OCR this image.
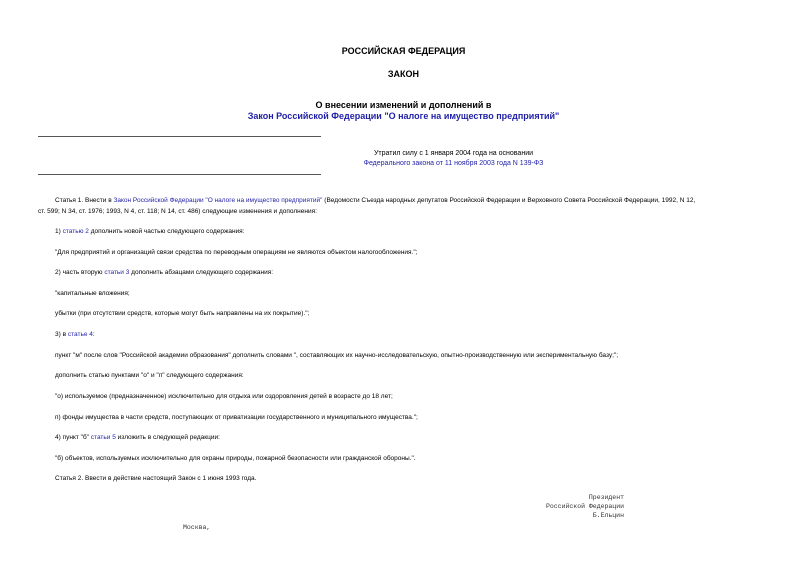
РОССИЙСКАЯ ФЕДЕРАЦИЯ
ЗАКОН
О внесении изменений и дополнений в
Закон Российской Федерации "О налоге на имущество предприятий"
Утратил силу с 1 января 2004 года на основании
Федерального закона от 11 ноября 2003 года N 139-ФЗ
Статья 1. Внести в Закон Российской Федерации "О налоге на имущество предприятий" (Ведомости Съезда народных депутатов Российской Федерации и Верховного Совета Российской Федерации, 1992, N 12,
ст. 599; N 34, ст. 1976; 1993, N 4, ст. 118; N 14, ст. 486) следующие изменения и дополнения:
1) статью 2 дополнить новой частью следующего содержания:
"Для предприятий и организаций связи средства по переводным операциям не являются объектом налогообложения.";
2) часть вторую статьи 3 дополнить абзацами следующего содержания:
"капитальные вложения;
убытки (при отсутствии средств, которые могут быть направлены на их покрытие).";
3) в статье 4:
пункт "м" после слов "Российской академии образования" дополнить словами ", составляющих их научно-исследовательскую, опытно-производственную или экспериментальную базу;";
дополнить статью пунктами "о" и "п" следующего содержания:
"о) используемое (предназначенное) исключительно для отдыха или оздоровления детей в возрасте до 18 лет;
п) фонды имущества в части средств, поступающих от приватизации государственного и муниципального имущества.";
4) пункт "б" статьи 5 изложить в следующей редакции:
"б) объектов, используемых исключительно для охраны природы, пожарной безопасности или гражданской обороны.".
Статья 2. Ввести в действие настоящий Закон с 1 июня 1993 года.
Президент
Российской Федерации
Б.Ельцин
Москва,
